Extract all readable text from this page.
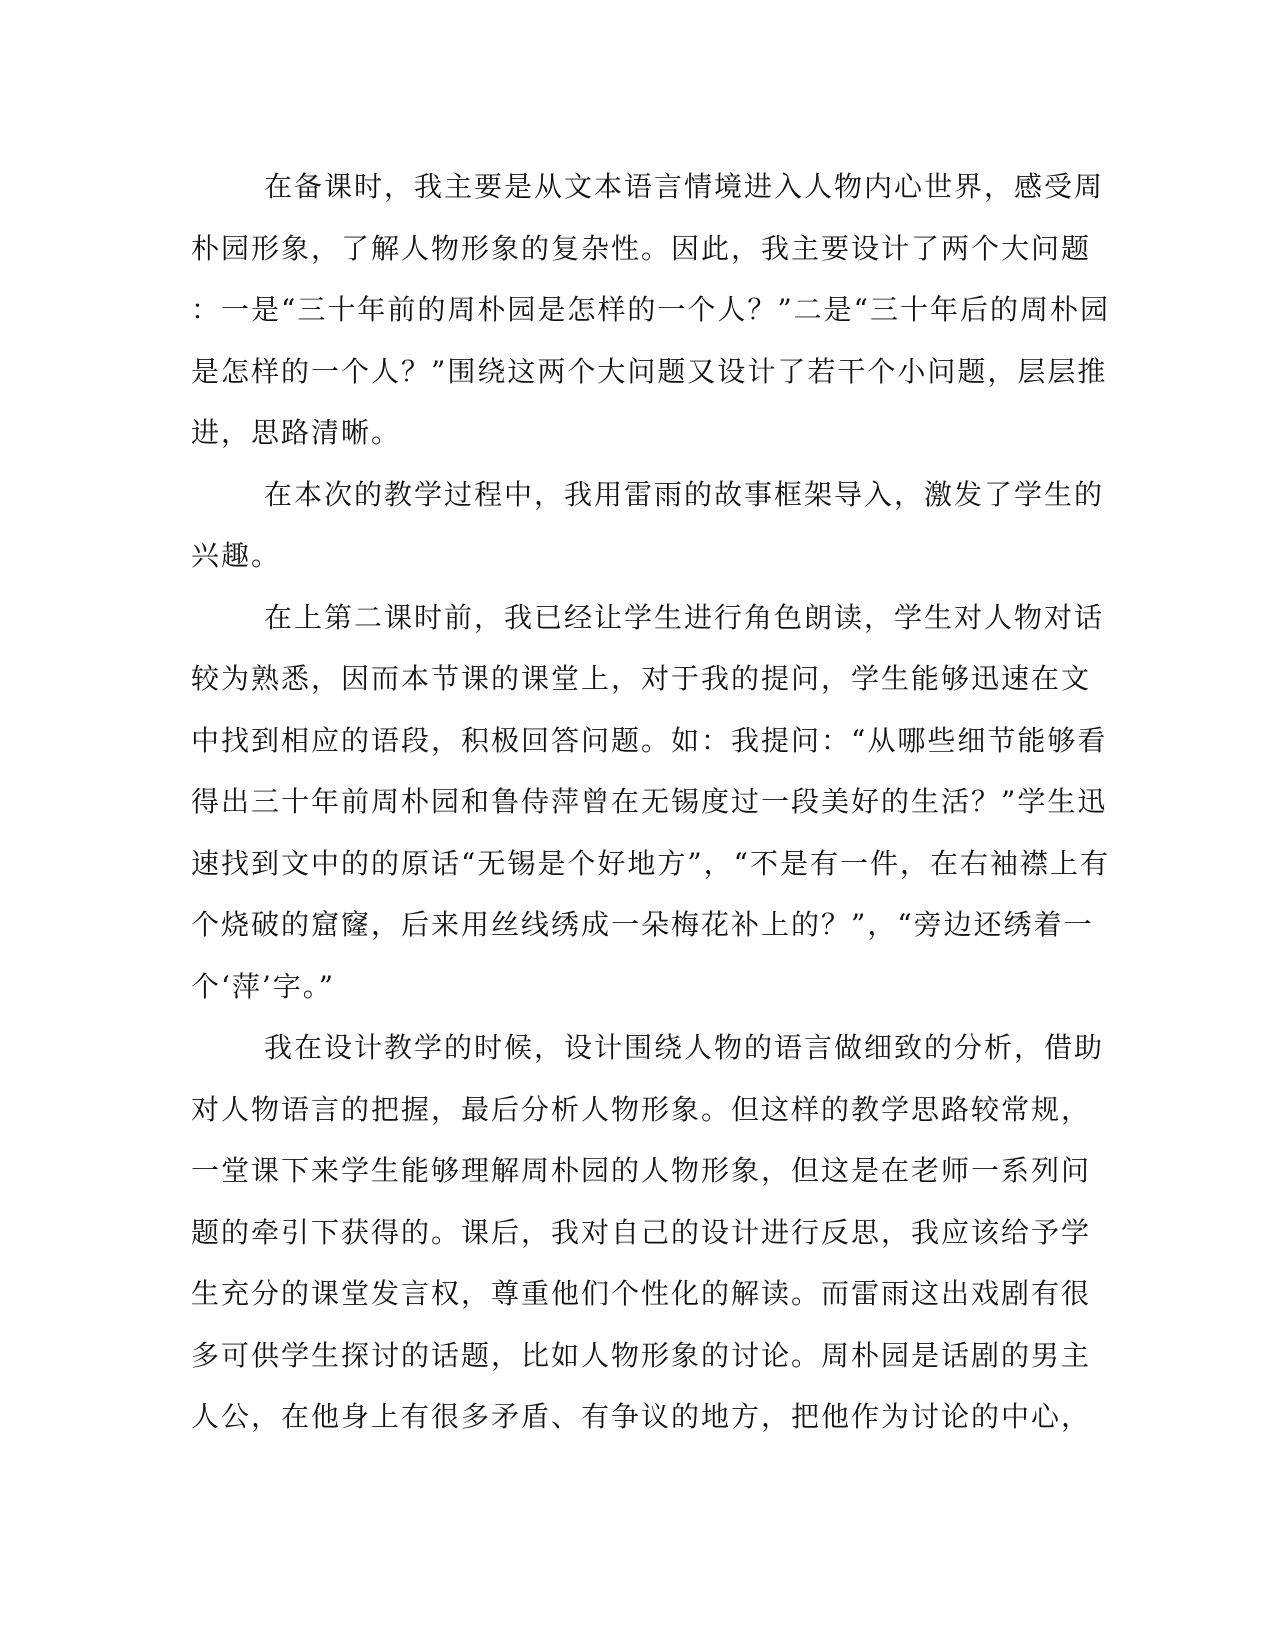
在备课时，我主要是从文本语言情境进入人物内心世界，感受周
朴园形象，了解人物形象的复杂性。因此，我主要设计了两个大问题
：一是“三十年前的周朴园是怎样的一个人？”二是“三十年后的周朴园
是怎样的一个人？”围绕这两个大问题又设计了若干个小问题，层层推
进，思路清晰。
在本次的教学过程中，我用雷雨的故事框架导入，激发了学生的
兴趣。
在上第二课时前，我已经让学生进行角色朗读，学生对人物对话
较为熟悉，因而本节课的课堂上，对于我的提问，学生能够迅速在文
中找到相应的语段，积极回答问题。如：我提问：“从哪些细节能够看
得出三十年前周朴园和鲁侍萍曾在无锡度过一段美好的生活？”学生迅
速找到文中的的原话“无锡是个好地方”，“不是有一件，在右袖襟上有
个烧破的窟窿，后来用丝线绣成一朵梅花补上的？”，“旁边还绣着一
个‘萍’字。”
我在设计教学的时候，设计围绕人物的语言做细致的分析，借助
对人物语言的把握，最后分析人物形象。但这样的教学思路较常规，
一堂课下来学生能够理解周朴园的人物形象，但这是在老师一系列问
题的牵引下获得的。课后，我对自己的设计进行反思，我应该给予学
生充分的课堂发言权，尊重他们个性化的解读。而雷雨这出戏剧有很
多可供学生探讨的话题，比如人物形象的讨论。周朴园是话剧的男主
人公，在他身上有很多矛盾、有争议的地方，把他作为讨论的中心，
